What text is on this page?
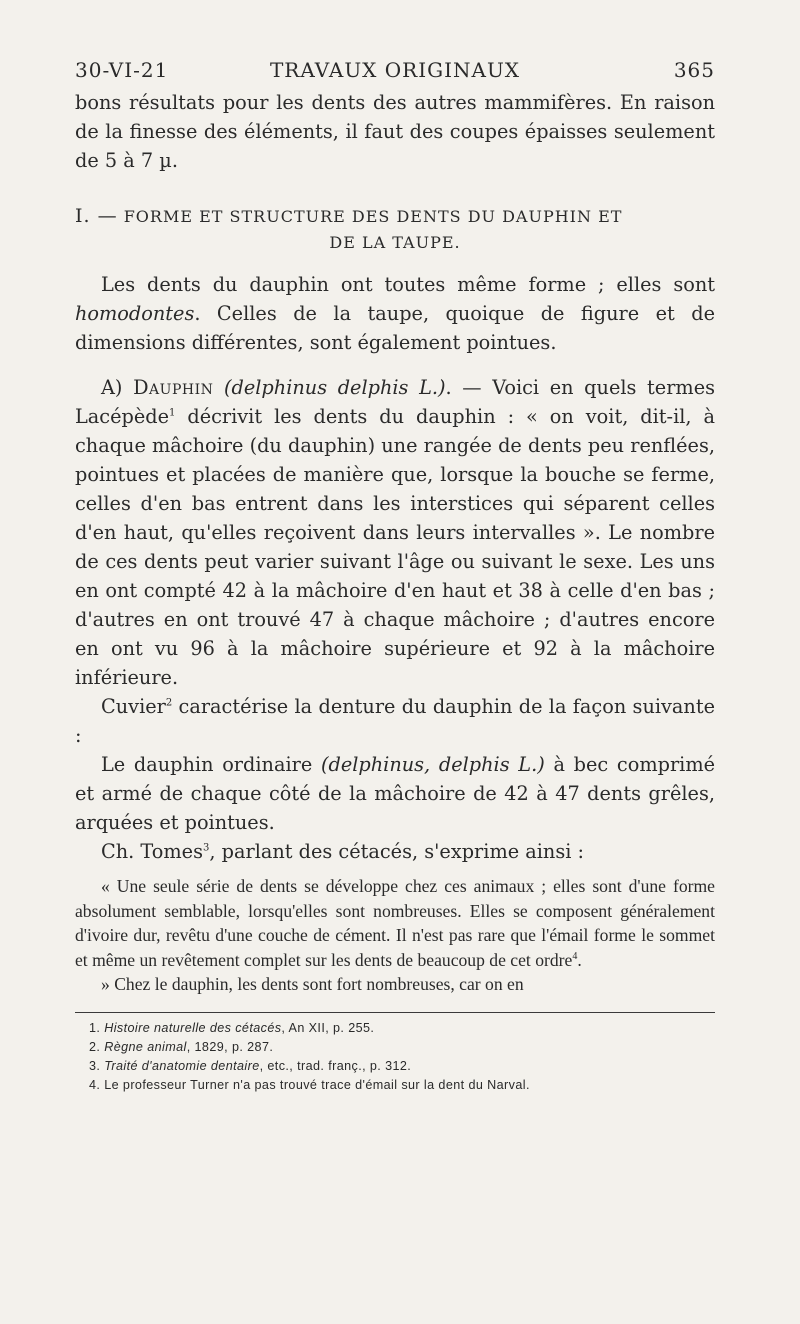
30-VI-21	TRAVAUX ORIGINAUX	365

bons résultats pour les dents des autres mammifères. En raison de la finesse des éléments, il faut des coupes épaisses seulement de 5 à 7 µ.

I. — FORME ET STRUCTURE DES DENTS DU DAUPHIN ET
DE LA TAUPE.

Les dents du dauphin ont toutes même forme ; elles sont homodontes. Celles de la taupe, quoique de figure et de dimensions différentes, sont également pointues.

A) Dauphin (delphinus delphis L.). — Voici en quels termes Lacépède$^1$ décrivit les dents du dauphin : « on voit, dit-il, à chaque mâchoire (du dauphin) une rangée de dents peu renflées, pointues et placées de manière que, lorsque la bouche se ferme, celles d'en bas entrent dans les interstices qui séparent celles d'en haut, qu'elles reçoivent dans leurs intervalles ». Le nombre de ces dents peut varier suivant l'âge ou suivant le sexe. Les uns en ont compté 42 à la mâchoire d'en haut et 38 à celle d'en bas ; d'autres en ont trouvé 47 à chaque mâchoire ; d'autres encore en ont vu 96 à la mâchoire supérieure et 92 à la mâchoire inférieure.

Cuvier$^2$ caractérise la denture du dauphin de la façon suivante :

Le dauphin ordinaire (delphinus, delphis L.) à bec comprimé et armé de chaque côté de la mâchoire de 42 à 47 dents grêles, arquées et pointues.

Ch. Tomes$^3$, parlant des cétacés, s'exprime ainsi :

« Une seule série de dents se développe chez ces animaux ; elles sont d'une forme absolument semblable, lorsqu'elles sont nombreuses. Elles se composent généralement d'ivoire dur, revêtu d'une couche de cément. Il n'est pas rare que l'émail forme le sommet et même un revêtement complet sur les dents de beaucoup de cet ordre$^4$.

» Chez le dauphin, les dents sont fort nombreuses, car on en

1. Histoire naturelle des cétacés, An XII, p. 255.
2. Règne animal, 1829, p. 287.
3. Traité d'anatomie dentaire, etc., trad. franç., p. 312.
4. Le professeur Turner n'a pas trouvé trace d'émail sur la dent du Narval.
